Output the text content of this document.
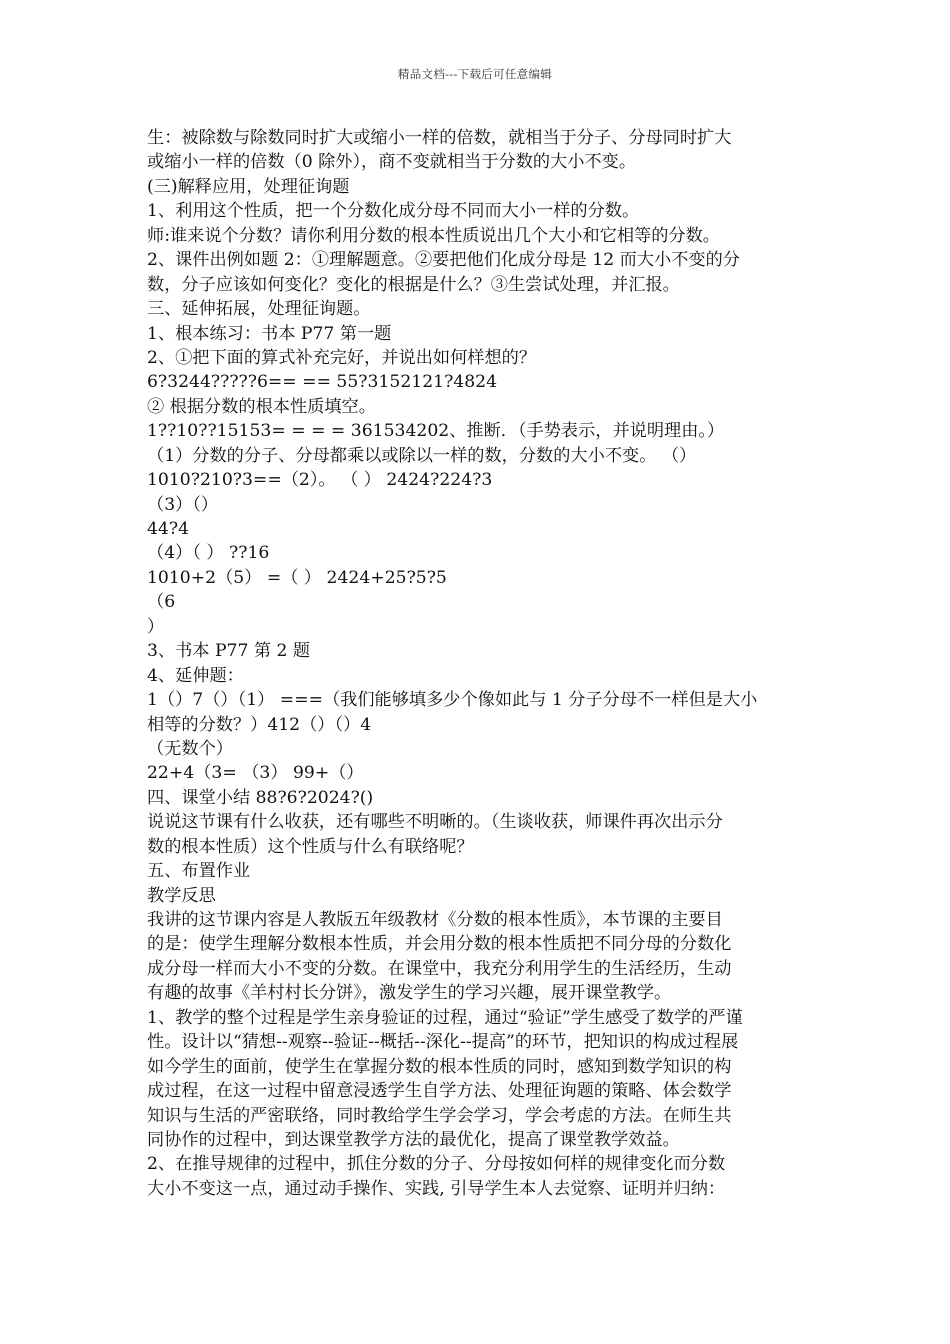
精品文档---下载后可任意编辑
生：被除数与除数同时扩大或缩小一样的倍数，就相当于分子、分母同时扩大
或缩小一样的倍数（0 除外），商不变就相当于分数的大小不变。
(三)解释应用，处理征询题
1、利用这个性质，把一个分数化成分母不同而大小一样的分数。
师:谁来说个分数？请你利用分数的根本性质说出几个大小和它相等的分数。
2、课件出例如题 2：①理解题意。②要把他们化成分母是 12 而大小不变的分
数，分子应该如何变化？变化的根据是什么？③生尝试处理，并汇报。
三、延伸拓展，处理征询题。
1、根本练习：书本 P77 第一题
2、①把下面的算式补充完好，并说出如何样想的？
6?3244?????6== == 55?3152121?4824
② 根据分数的根本性质填空。
1??10??15153= = = = 361534202、推断．（手势表示，并说明理由。）
（1）分数的分子、分母都乘以或除以一样的数，分数的大小不变。 （）
1010?210?3==（2）。 （ ） 2424?224?3
（3）（）
44?4
（4）（ ） ??16
1010+2（5） =（ ） 2424+25?5?5
（6
）
3、书本 P77 第 2 题
4、延伸题：
1（）7（）（1） ===（我们能够填多少个像如此与 1 分子分母不一样但是大小
相等的分数？）412（）（）4
（无数个）
22+4（3= （3） 99+（）
四、课堂小结 88?6?2024?()
说说这节课有什么收获，还有哪些不明晰的。（生谈收获，师课件再次出示分
数的根本性质）这个性质与什么有联络呢？
五、布置作业
教学反思
我讲的这节课内容是人教版五年级教材《分数的根本性质》，本节课的主要目
的是：使学生理解分数根本性质，并会用分数的根本性质把不同分母的分数化
成分母一样而大小不变的分数。在课堂中，我充分利用学生的生活经历，生动
有趣的故事《羊村村长分饼》，激发学生的学习兴趣，展开课堂教学。
1、教学的整个过程是学生亲身验证的过程，通过“验证”学生感受了数学的严谨
性。设计以“猜想--观察--验证--概括--深化--提高”的环节，把知识的构成过程展
如今学生的面前，使学生在掌握分数的根本性质的同时，感知到数学知识的构
成过程，在这一过程中留意浸透学生自学方法、处理征询题的策略、体会数学
知识与生活的严密联络，同时教给学生学会学习，学会考虑的方法。在师生共
同协作的过程中，到达课堂教学方法的最优化，提高了课堂教学效益。
2、在推导规律的过程中，抓住分数的分子、分母按如何样的规律变化而分数
大小不变这一点，通过动手操作、实践, 引导学生本人去觉察、证明并归纳：
